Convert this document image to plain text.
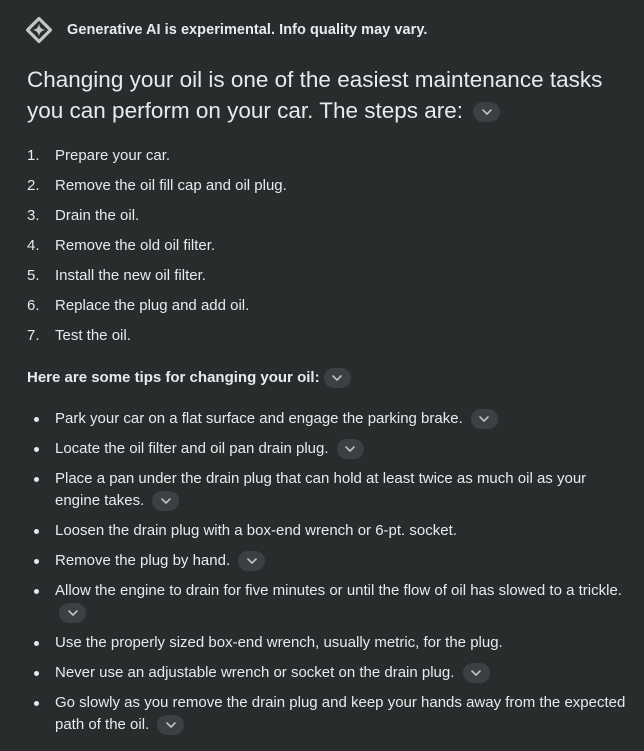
Generative AI is experimental. Info quality may vary.
Changing your oil is one of the easiest maintenance tasks you can perform on your car. The steps are:
1.	Prepare your car.
2.	Remove the oil fill cap and oil plug.
3.	Drain the oil.
4.	Remove the old oil filter.
5.	Install the new oil filter.
6.	Replace the plug and add oil.
7.	Test the oil.
Here are some tips for changing your oil:
Park your car on a flat surface and engage the parking brake.
Locate the oil filter and oil pan drain plug.
Place a pan under the drain plug that can hold at least twice as much oil as your engine takes.
Loosen the drain plug with a box-end wrench or 6-pt. socket.
Remove the plug by hand.
Allow the engine to drain for five minutes or until the flow of oil has slowed to a trickle.
Use the properly sized box-end wrench, usually metric, for the plug.
Never use an adjustable wrench or socket on the drain plug.
Go slowly as you remove the drain plug and keep your hands away from the expected path of the oil.
